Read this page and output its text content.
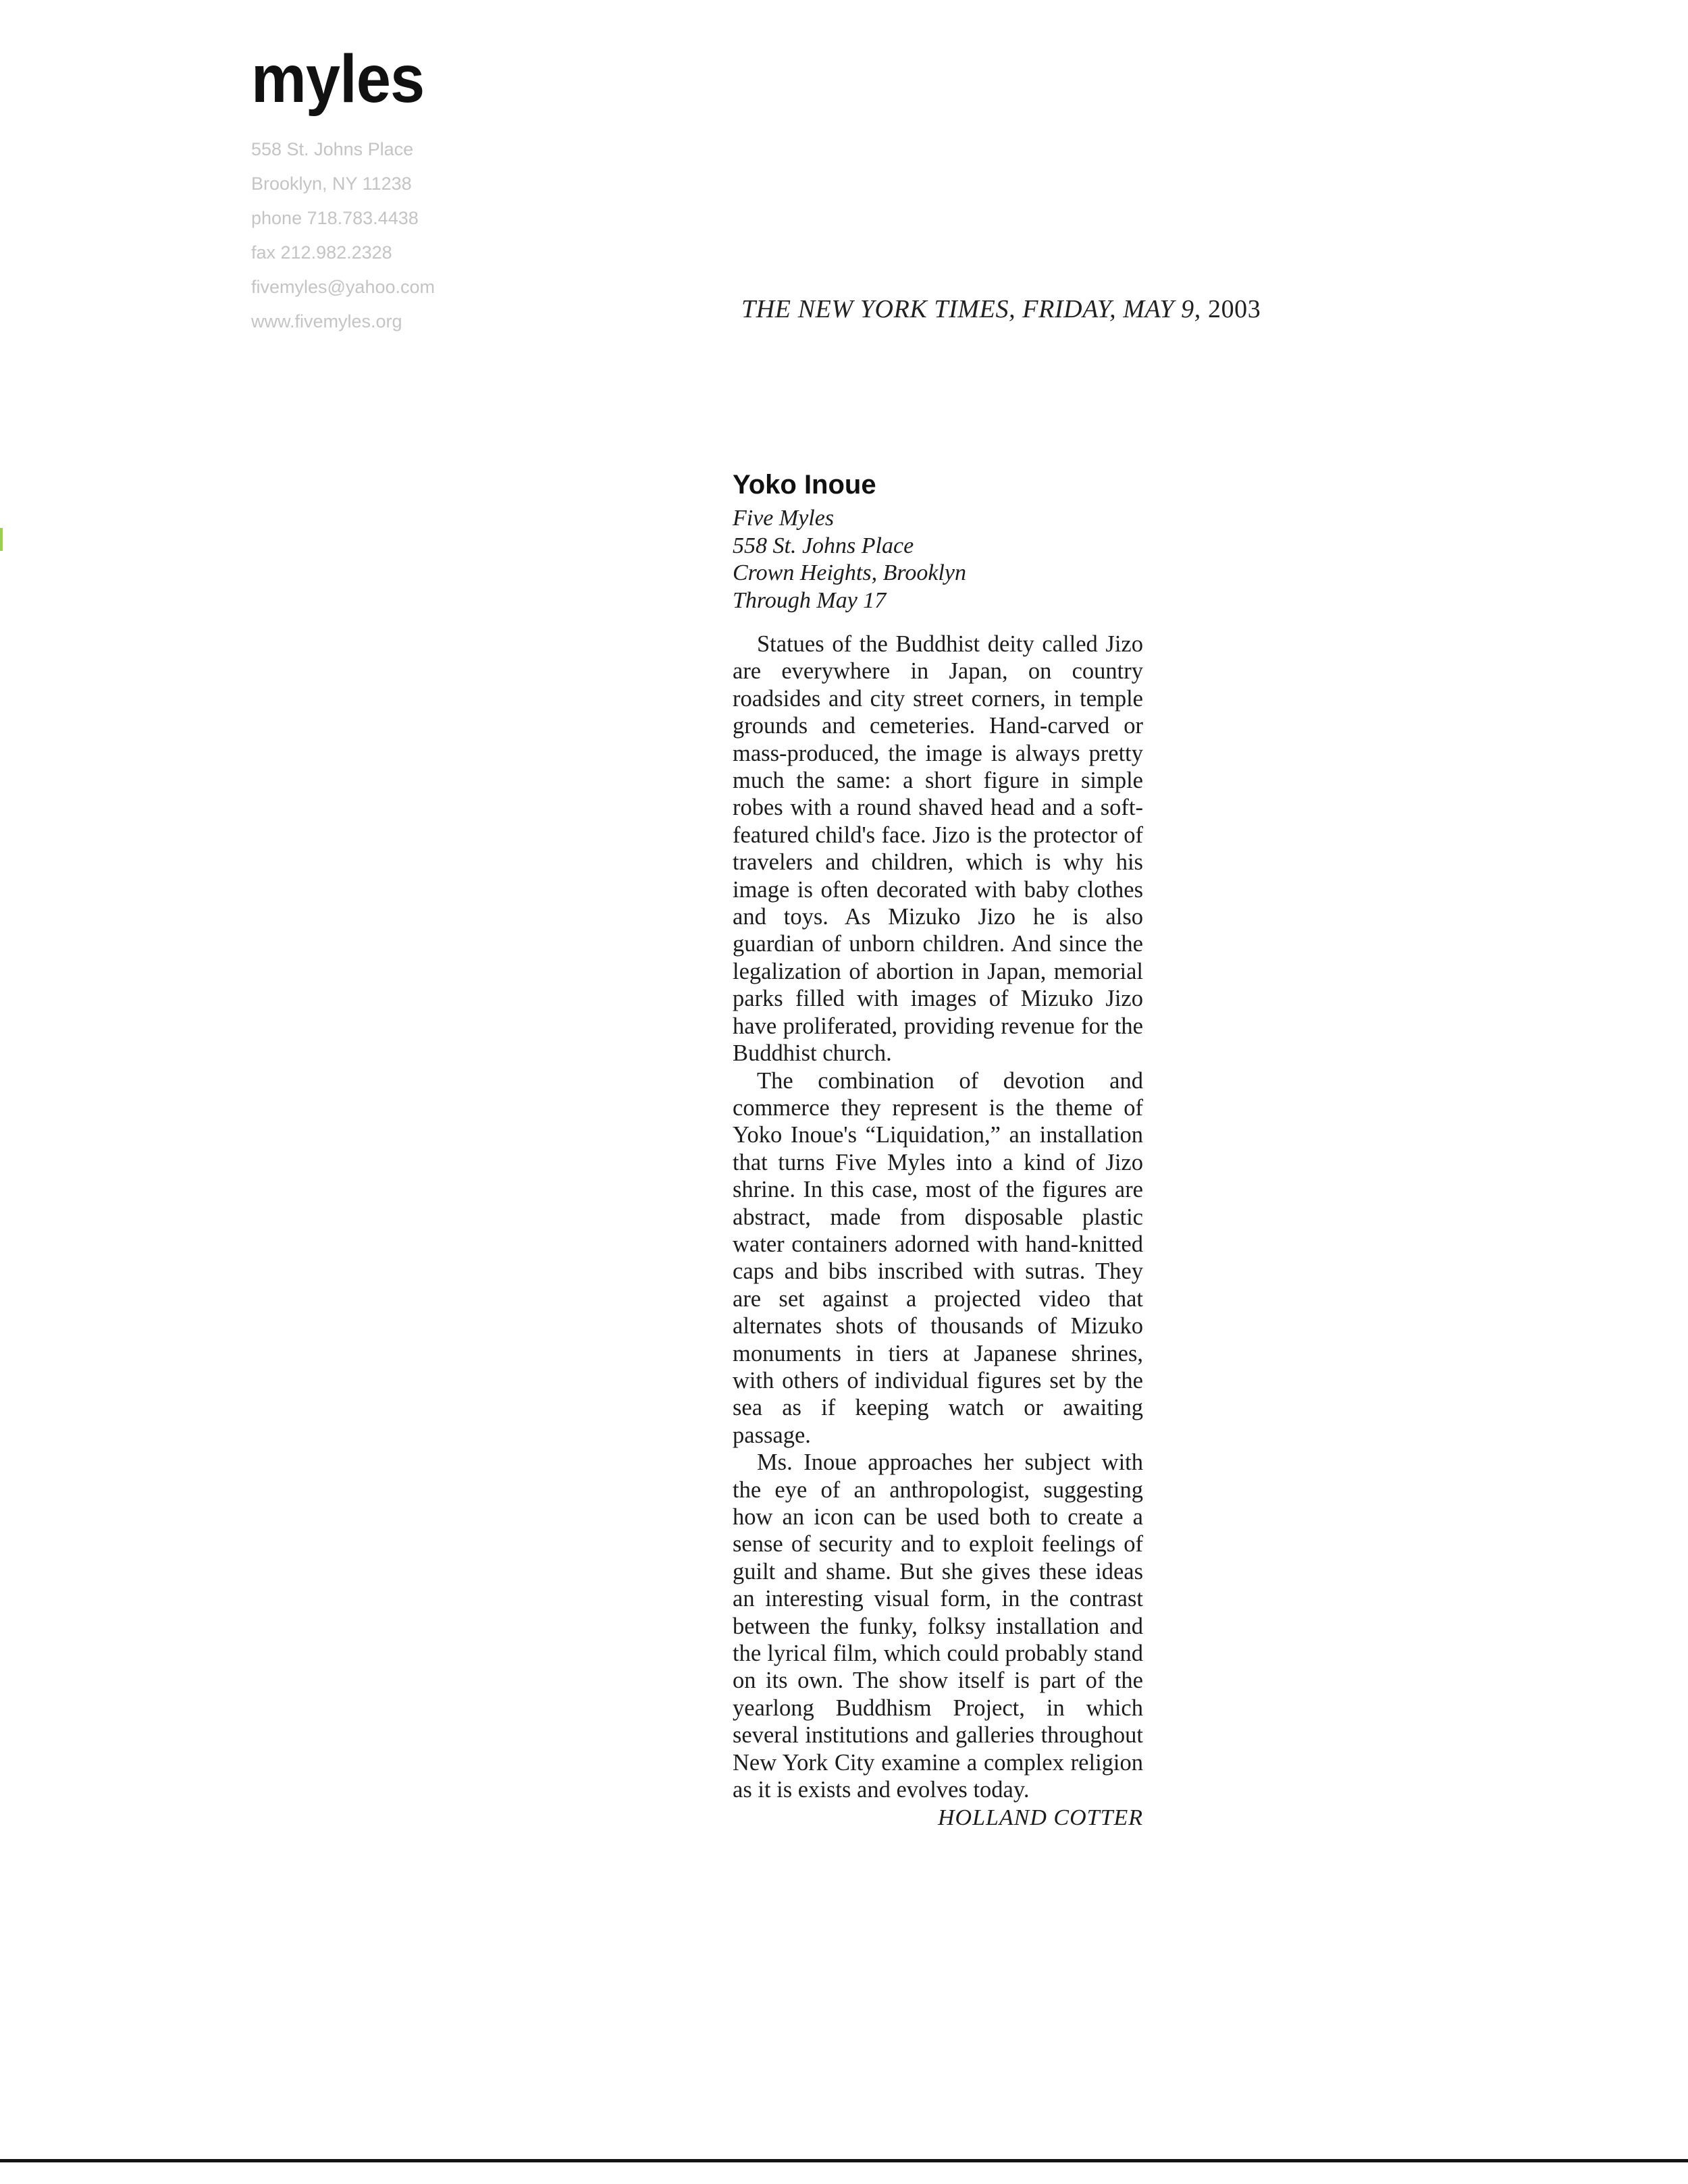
myles
558 St. Johns Place
Brooklyn, NY 11238
phone 718.783.4438
fax 212.982.2328
fivemyles@yahoo.com
www.fivemyles.org	THE NEW YORK TIMES, FRIDAY, MAY 9, 2003
Yoko Inoue
Five Myles
558 St. Johns Place
Crown Heights, Brooklyn
Through May 17

Statues of the Buddhist deity called Jizo are everywhere in Japan, on country roadsides and city street corners, in temple grounds and cemeteries. Hand-carved or mass-produced, the image is always pretty much the same: a short figure in simple robes with a round shaved head and a soft-featured child's face. Jizo is the protector of travelers and children, which is why his image is often decorated with baby clothes and toys. As Mizuko Jizo he is also guardian of unborn children. And since the legalization of abortion in Japan, memorial parks filled with images of Mizuko Jizo have proliferated, providing revenue for the Buddhist church.

The combination of devotion and commerce they represent is the theme of Yoko Inoue's “Liquidation,” an installation that turns Five Myles into a kind of Jizo shrine. In this case, most of the figures are abstract, made from disposable plastic water containers adorned with hand-knitted caps and bibs inscribed with sutras. They are set against a projected video that alternates shots of thousands of Mizuko monuments in tiers at Japanese shrines, with others of individual figures set by the sea as if keeping watch or awaiting passage.

Ms. Inoue approaches her subject with the eye of an anthropologist, suggesting how an icon can be used both to create a sense of security and to exploit feelings of guilt and shame. But she gives these ideas an interesting visual form, in the contrast between the funky, folksy installation and the lyrical film, which could probably stand on its own. The show itself is part of the yearlong Buddhism Project, in which several institutions and galleries throughout New York City examine a complex religion as it is exists and evolves today.

HOLLAND COTTER
